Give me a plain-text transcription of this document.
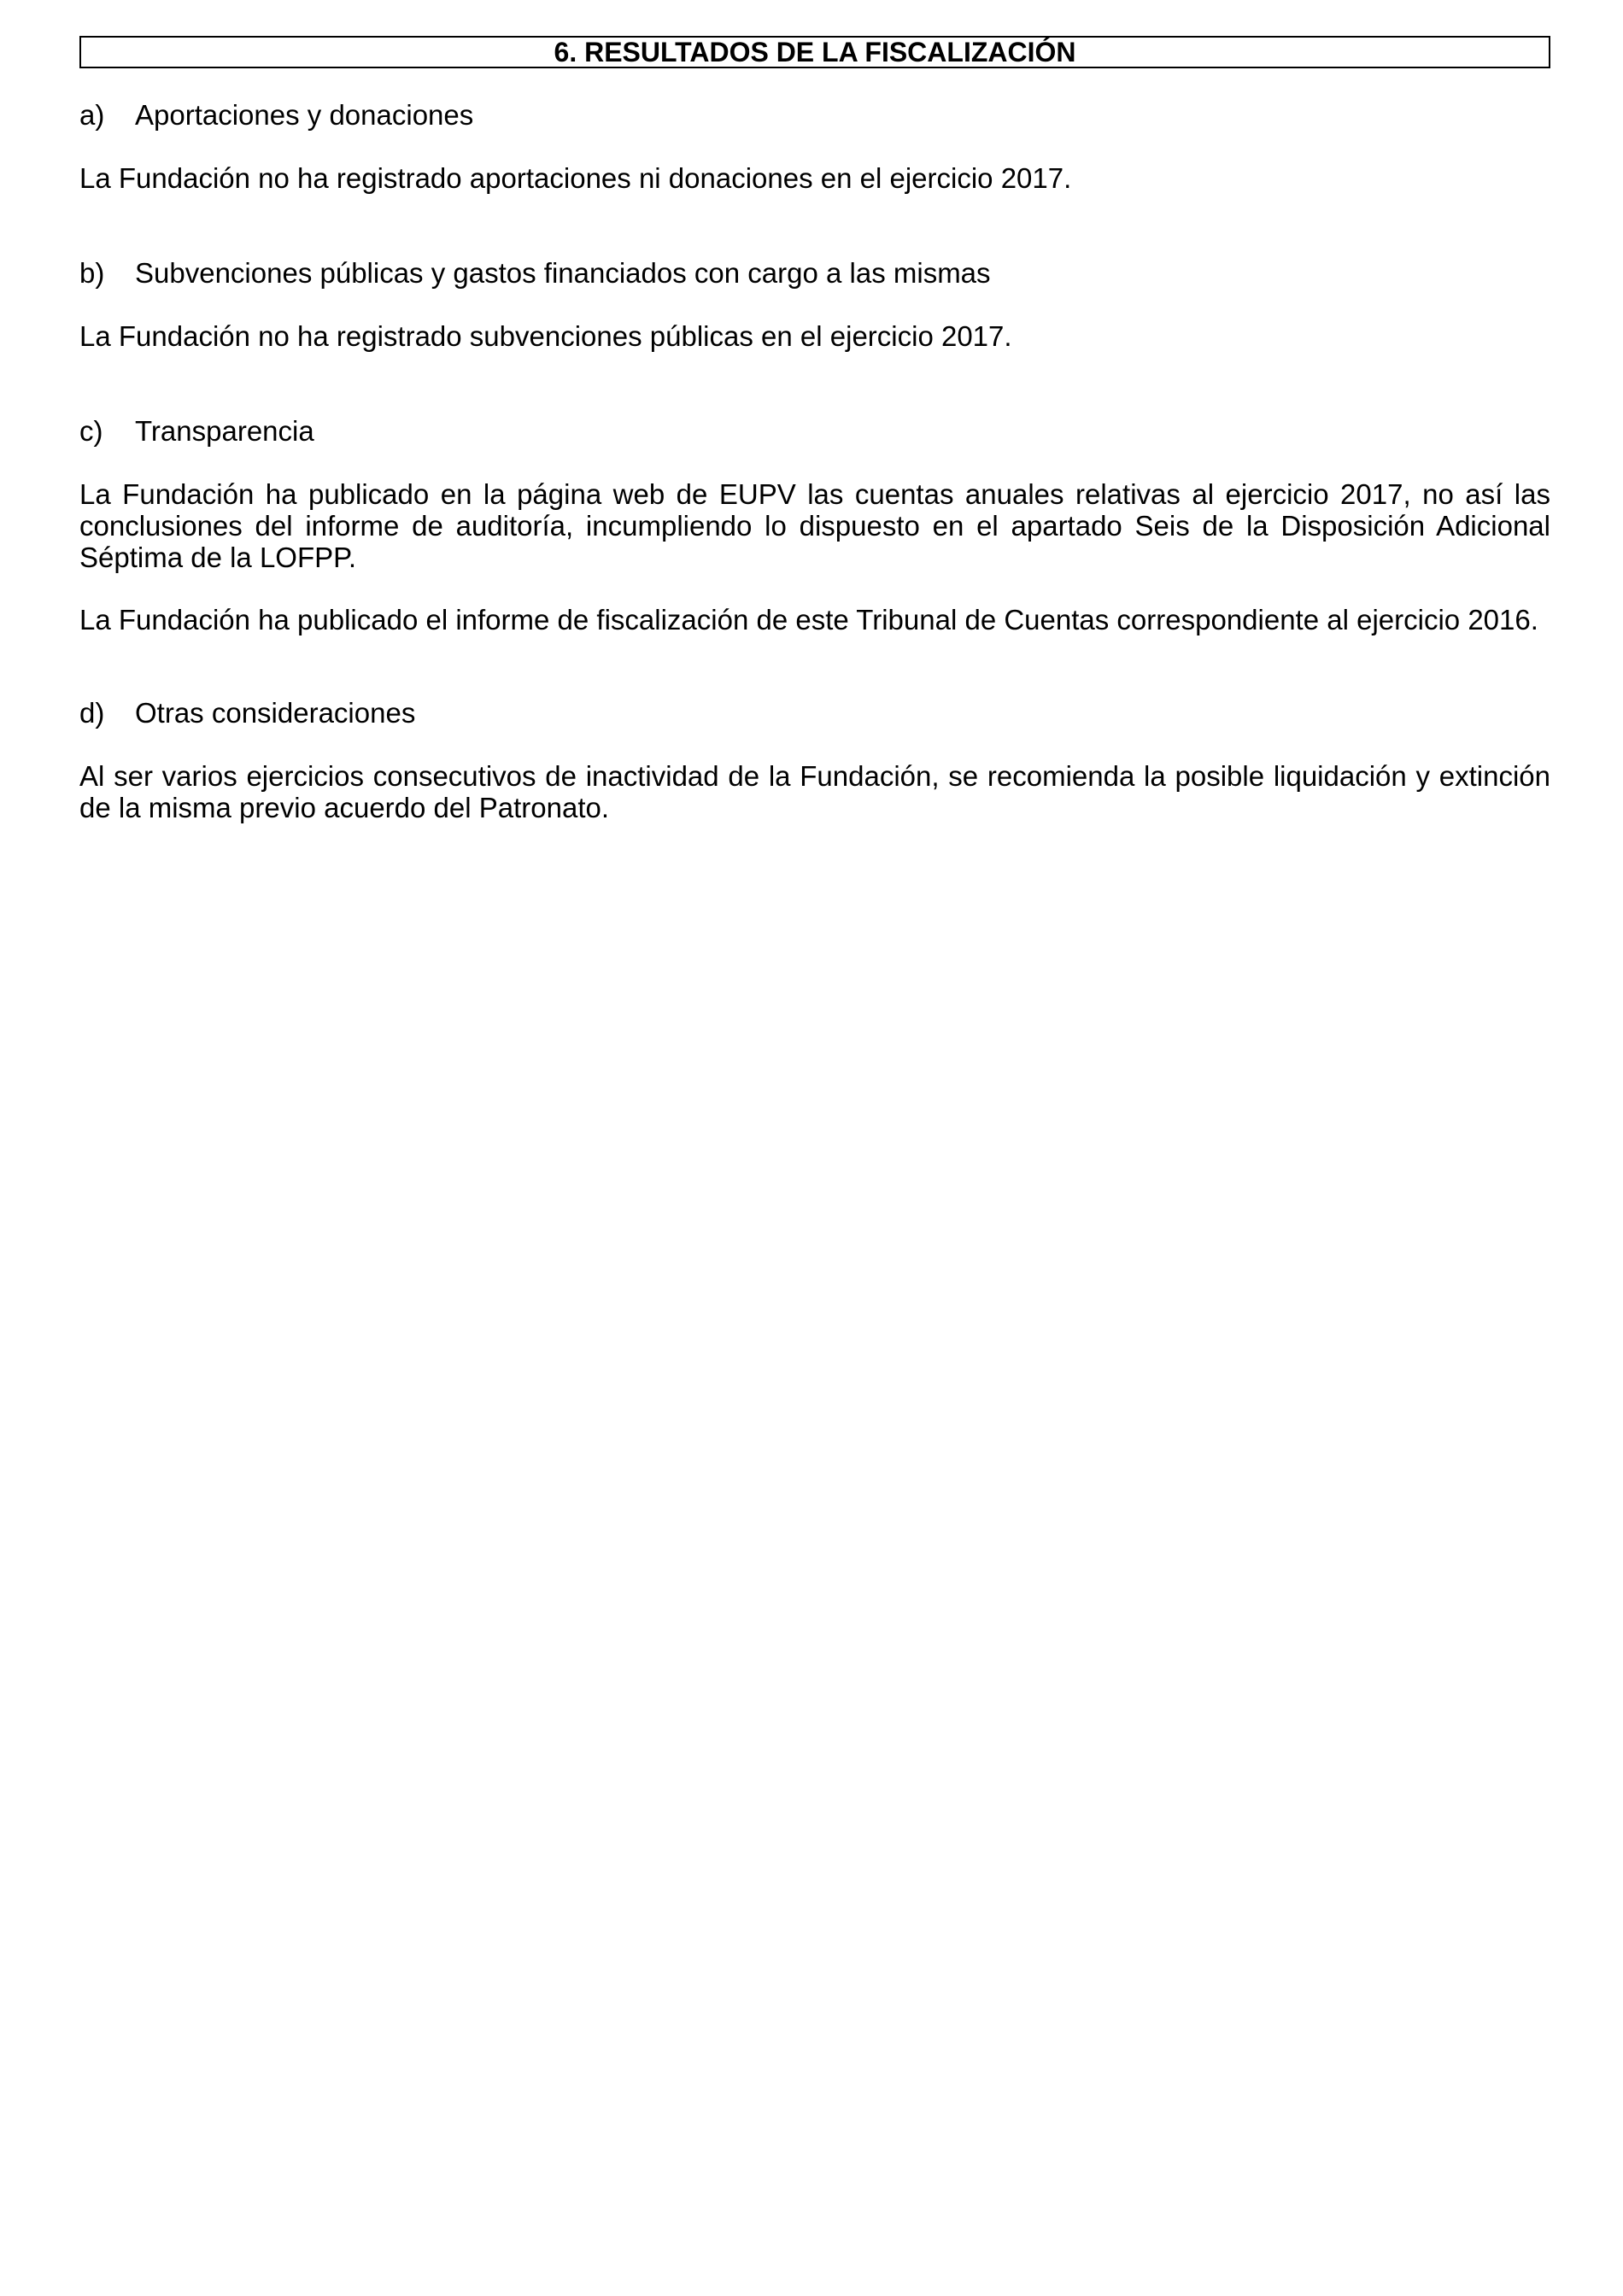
6. RESULTADOS DE LA FISCALIZACIÓN
a)	Aportaciones y donaciones

La Fundación no ha registrado aportaciones ni donaciones en el ejercicio 2017.

b)	Subvenciones públicas y gastos financiados con cargo a las mismas

La Fundación no ha registrado subvenciones públicas en el ejercicio 2017.

c)	Transparencia

La Fundación ha publicado en la página web de EUPV las cuentas anuales relativas al ejercicio 2017, no así las conclusiones del informe de auditoría, incumpliendo lo dispuesto en el apartado Seis de la Disposición Adicional Séptima de la LOFPP.

La Fundación ha publicado el informe de fiscalización de este Tribunal de Cuentas correspondiente al ejercicio 2016.

d)	Otras consideraciones

Al ser varios ejercicios consecutivos de inactividad de la Fundación, se recomienda la posible liquidación y extinción de la misma previo acuerdo del Patronato.
